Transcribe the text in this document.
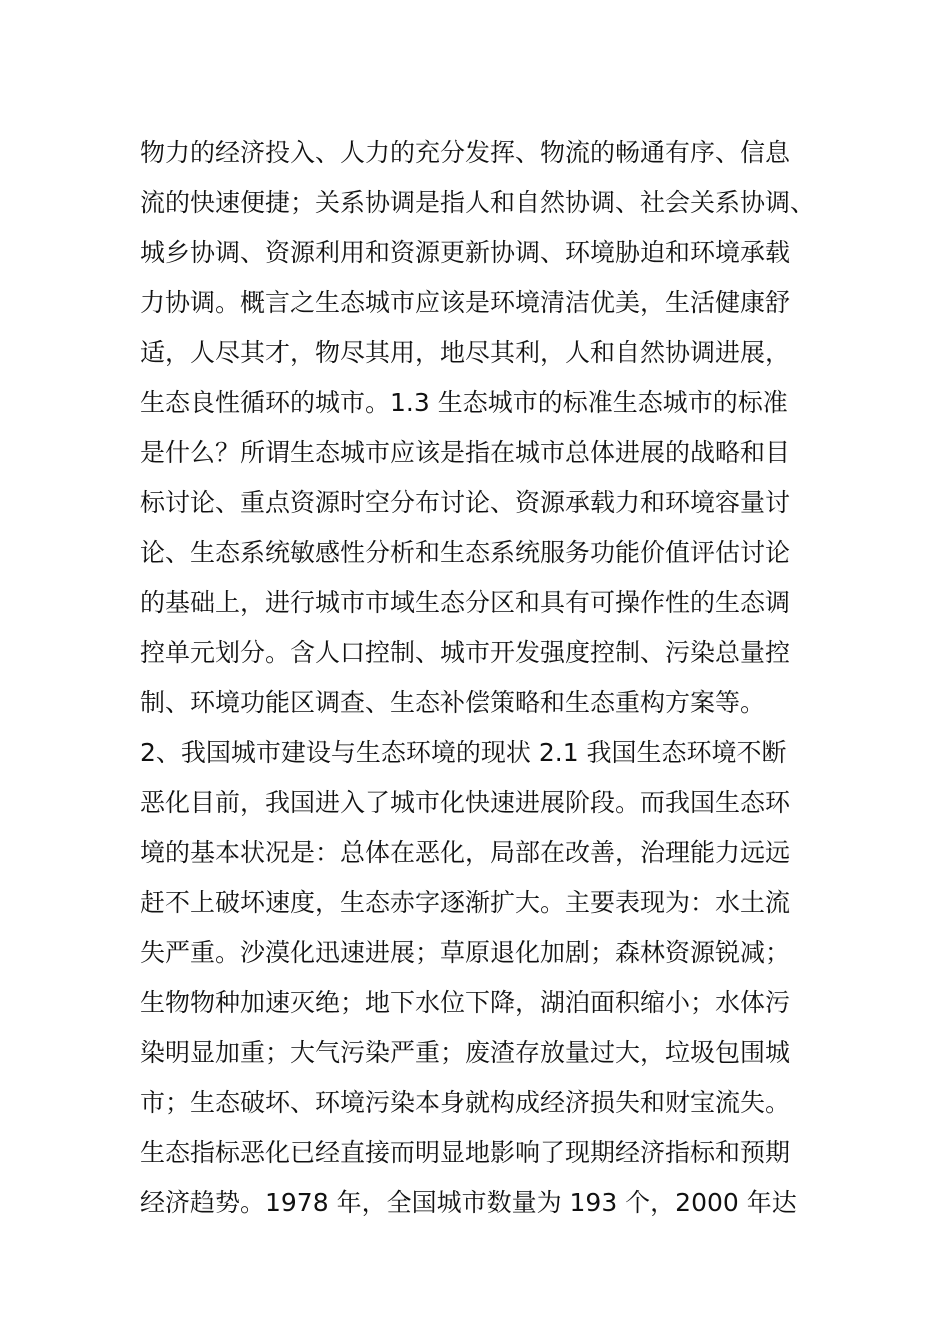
物力的经济投入、人力的充分发挥、物流的畅通有序、信息
流的快速便捷；关系协调是指人和自然协调、社会关系协调、
城乡协调、资源利用和资源更新协调、环境胁迫和环境承载
力协调。概言之生态城市应该是环境清洁优美，生活健康舒
适，人尽其才，物尽其用，地尽其利，人和自然协调进展，
生态良性循环的城市。1.3 生态城市的标准生态城市的标准
是什么？所谓生态城市应该是指在城市总体进展的战略和目
标讨论、重点资源时空分布讨论、资源承载力和环境容量讨
论、生态系统敏感性分析和生态系统服务功能价值评估讨论
的基础上，进行城市市域生态分区和具有可操作性的生态调
控单元划分。含人口控制、城市开发强度控制、污染总量控
制、环境功能区调查、生态补偿策略和生态重构方案等。
2、我国城市建设与生态环境的现状 2.1 我国生态环境不断
恶化目前，我国进入了城市化快速进展阶段。而我国生态环
境的基本状况是：总体在恶化，局部在改善，治理能力远远
赶不上破坏速度，生态赤字逐渐扩大。主要表现为：水土流
失严重。沙漠化迅速进展；草原退化加剧；森林资源锐减；
生物物种加速灭绝；地下水位下降，湖泊面积缩小；水体污
染明显加重；大气污染严重；废渣存放量过大，垃圾包围城
市；生态破坏、环境污染本身就构成经济损失和财宝流失。
生态指标恶化已经直接而明显地影响了现期经济指标和预期
经济趋势。1978 年，全国城市数量为 193 个，2000 年达
